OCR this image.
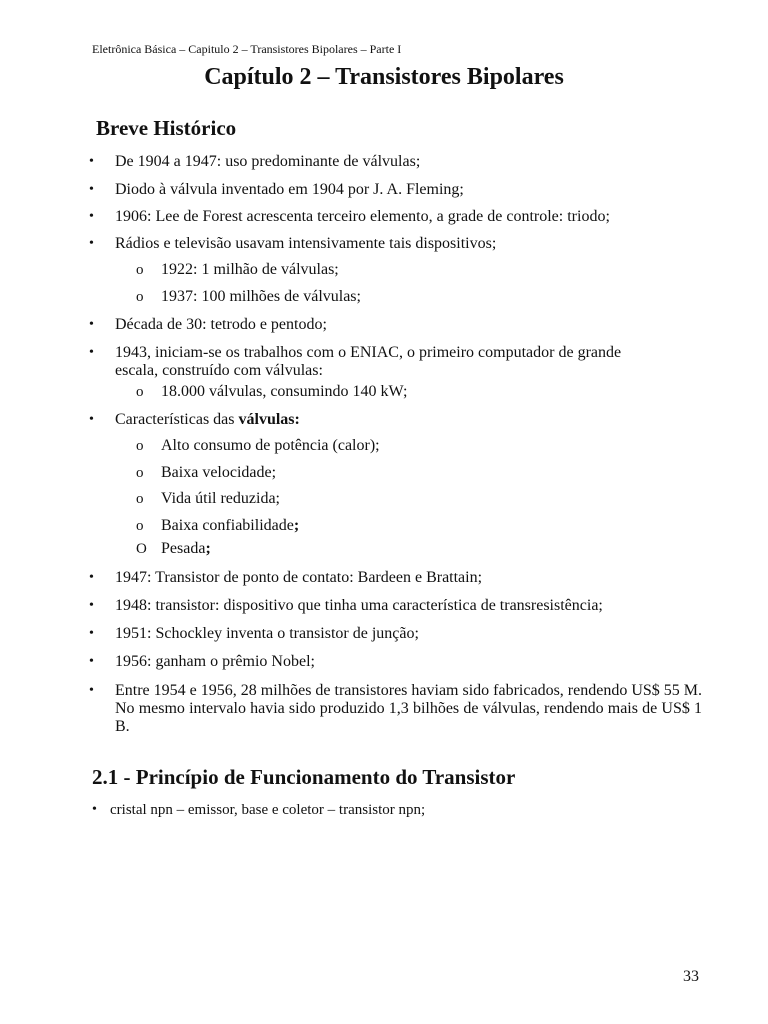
Eletrônica Básica – Capitulo 2 – Transistores Bipolares – Parte I
Capítulo 2 – Transistores Bipolares
Breve Histórico
• De 1904 a 1947: uso predominante de válvulas;
• Diodo à válvula inventado em 1904 por J. A. Fleming;
• 1906: Lee de Forest acrescenta terceiro elemento, a grade de controle: triodo;
• Rádios e televisão usavam intensivamente tais dispositivos;
o 1922: 1 milhão de válvulas;
o 1937: 100 milhões de válvulas;
• Década de 30: tetrodo e pentodo;
• 1943, iniciam-se os trabalhos com o ENIAC, o primeiro computador de grande
escala, construído com válvulas:
o 18.000 válvulas, consumindo 140 kW;
• Características das válvulas:
o Alto consumo de potência (calor);
o Baixa velocidade;
o Vida útil reduzida;
o Baixa confiabilidade;
O Pesada;
• 1947: Transistor de ponto de contato: Bardeen e Brattain;
• 1948: transistor: dispositivo que tinha uma característica de transresistência;
• 1951: Schockley inventa o transistor de junção;
• 1956: ganham o prêmio Nobel;
• Entre 1954 e 1956, 28 milhões de transistores haviam sido fabricados, rendendo US$ 55 M. No mesmo intervalo havia sido produzido 1,3 bilhões de válvulas, rendendo mais de US$ 1 B.
2.1 - Princípio de Funcionamento do Transistor
• cristal npn – emissor, base e coletor – transistor npn;
33
